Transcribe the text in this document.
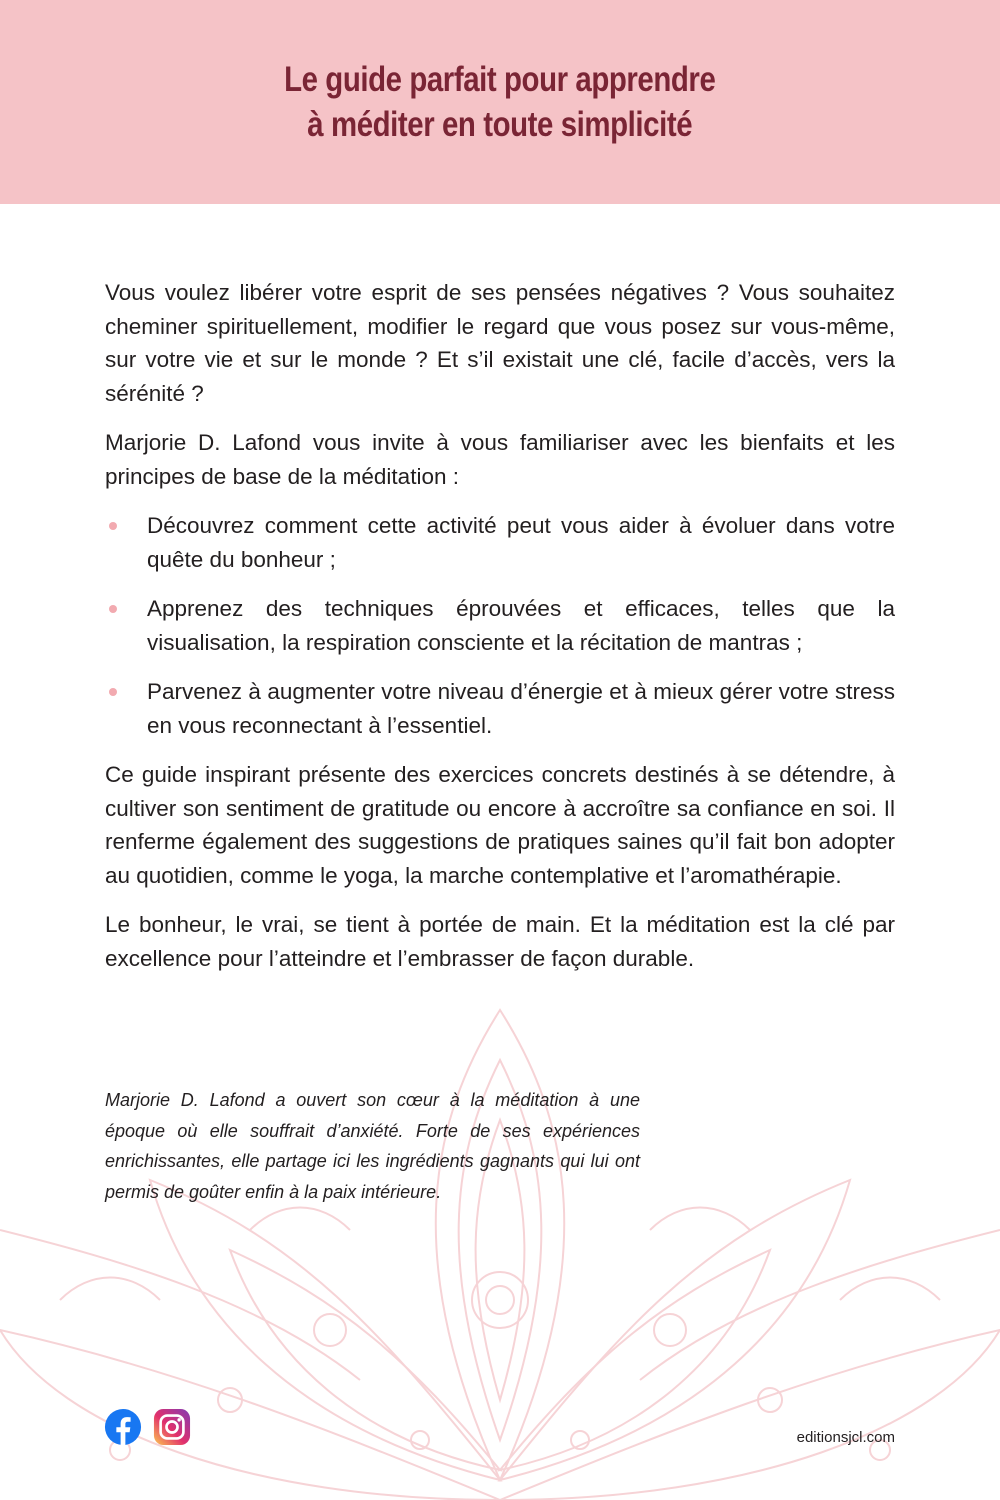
Le guide parfait pour apprendre
à méditer en toute simplicité

Vous voulez libérer votre esprit de ses pensées négatives ? Vous souhaitez cheminer spirituellement, modifier le regard que vous posez sur vous-même, sur votre vie et sur le monde ? Et s’il existait une clé, facile d’accès, vers la sérénité ?

Marjorie D. Lafond vous invite à vous familiariser avec les bienfaits et les principes de base de la méditation :

Découvrez comment cette activité peut vous aider à évoluer dans votre quête du bonheur ;
Apprenez des techniques éprouvées et efficaces, telles que la visualisation, la respiration consciente et la récitation de mantras ;
Parvenez à augmenter votre niveau d’énergie et à mieux gérer votre stress en vous reconnectant à l’essentiel.

Ce guide inspirant présente des exercices concrets destinés à se détendre, à cultiver son sentiment de gratitude ou encore à accroître sa confiance en soi. Il renferme également des suggestions de pratiques saines qu’il fait bon adopter au quotidien, comme le yoga, la marche contemplative et l’aromathérapie.

Le bonheur, le vrai, se tient à portée de main. Et la méditation est la clé par excellence pour l’atteindre et l’embrasser de façon durable.

Marjorie D. Lafond a ouvert son cœur à la méditation à une époque où elle souffrait d’anxiété. Forte de ses expériences enrichissantes, elle partage ici les ingrédients gagnants qui lui ont permis de goûter enfin à la paix intérieure.

editionsjcl.com
